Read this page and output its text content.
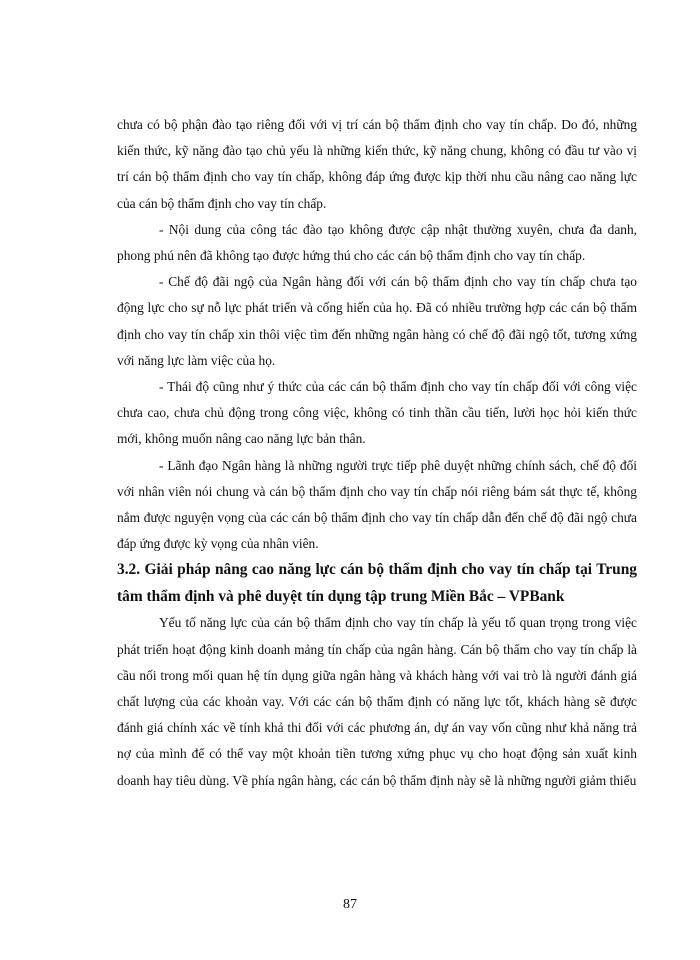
chưa có bộ phận đào tạo riêng đối với vị trí cán bộ thẩm định cho vay tín chấp. Do đó, những kiến thức, kỹ năng đào tạo chủ yếu là những kiến thức, kỹ năng chung, không có đầu tư vào vị trí cán bộ thẩm định cho vay tín chấp, không đáp ứng được kịp thời nhu cầu nâng cao năng lực của cán bộ thẩm định cho vay tín chấp.

- Nội dung của công tác đào tạo không được cập nhật thường xuyên, chưa đa danh, phong phú nên đã không tạo được hứng thú cho các cán bộ thẩm định cho vay tín chấp.

- Chế độ đãi ngộ của Ngân hàng đối với cán bộ thẩm định cho vay tín chấp chưa tạo động lực cho sự nỗ lực phát triển và cống hiến của họ. Đã có nhiều trường hợp các cán bộ thẩm định cho vay tín chấp xin thôi việc tìm đến những ngân hàng có chế độ đãi ngộ tốt, tương xứng với năng lực làm việc của họ.

- Thái độ cũng như ý thức của các cán bộ thẩm định cho vay tín chấp đối với công việc chưa cao, chưa chủ động trong công việc, không có tinh thần cầu tiến, lười học hỏi kiến thức mới, không muốn nâng cao năng lực bản thân.

- Lãnh đạo Ngân hàng là những người trực tiếp phê duyệt những chính sách, chế độ đối với nhân viên nói chung và cán bộ thẩm định cho vay tín chấp nói riêng bám sát thực tế, không nắm được nguyện vọng của các cán bộ thẩm định cho vay tín chấp dẫn đến chế độ đãi ngộ chưa đáp ứng được kỳ vọng của nhân viên.

3.2. Giải pháp nâng cao năng lực cán bộ thẩm định cho vay tín chấp tại Trung tâm thẩm định và phê duyệt tín dụng tập trung Miền Bắc – VPBank

Yếu tố năng lực của cán bộ thẩm định cho vay tín chấp là yếu tố quan trọng trong việc phát triển hoạt động kinh doanh mảng tín chấp của ngân hàng. Cán bộ thẩm cho vay tín chấp là cầu nối trong mối quan hệ tín dụng giữa ngân hàng và khách hàng với vai trò là người đánh giá chất lượng của các khoản vay. Với các cán bộ thẩm định có năng lực tốt, khách hàng sẽ được đánh giá chính xác về tính khả thi đối với các phương án, dự án vay vốn cũng như khả năng trả nợ của mình để có thể vay một khoản tiền tương xứng phục vụ cho hoạt động sản xuất kinh doanh hay tiêu dùng. Về phía ngân hàng, các cán bộ thẩm định này sẽ là những người giảm thiểu

87
